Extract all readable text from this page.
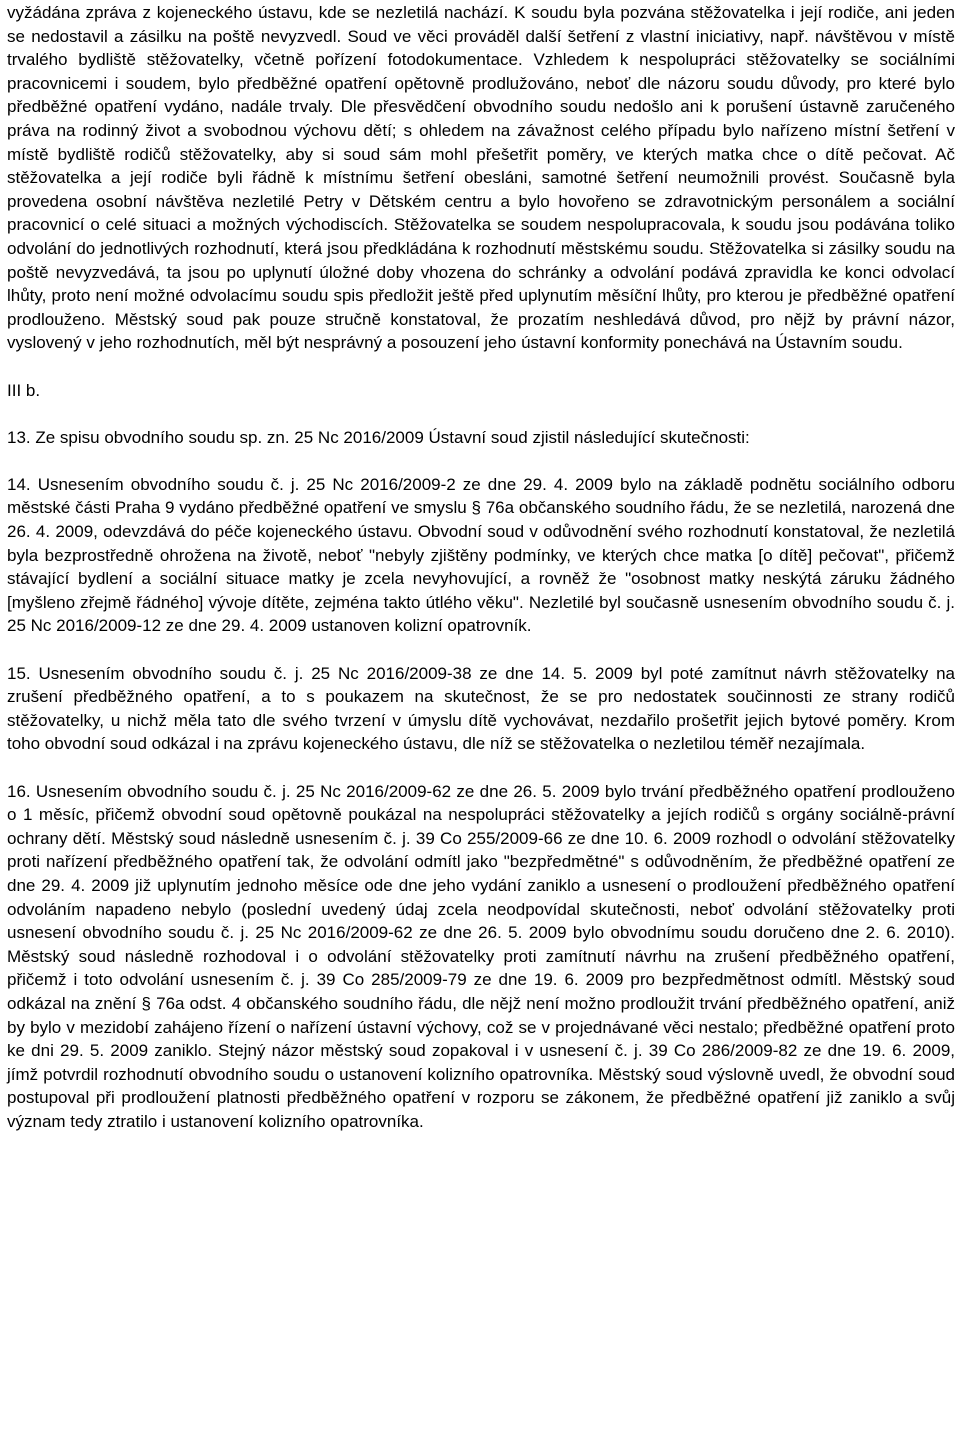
vyžádána zpráva z kojeneckého ústavu, kde se nezletilá nachází. K soudu byla pozvána stěžovatelka i její rodiče, ani jeden se nedostavil a zásilku na poště nevyzvedl. Soud ve věci prováděl další šetření z vlastní iniciativy, např. návštěvou v místě trvalého bydliště stěžovatelky, včetně pořízení fotodokumentace. Vzhledem k nespolupráci stěžovatelky se sociálními pracovnicemi i soudem, bylo předběžné opatření opětovně prodlužováno, neboť dle názoru soudu důvody, pro které bylo předběžné opatření vydáno, nadále trvaly. Dle přesvědčení obvodního soudu nedošlo ani k porušení ústavně zaručeného práva na rodinný život a svobodnou výchovu dětí; s ohledem na závažnost celého případu bylo nařízeno místní šetření v místě bydliště rodičů stěžovatelky, aby si soud sám mohl přešetřit poměry, ve kterých matka chce o dítě pečovat. Ač stěžovatelka a její rodiče byli řádně k místnímu šetření obesláni, samotné šetření neumožnili provést. Současně byla provedena osobní návštěva nezletilé Petry v Dětském centru a bylo hovořeno se zdravotnickým personálem a sociální pracovnicí o celé situaci a možných východiscích. Stěžovatelka se soudem nespolupracovala, k soudu jsou podávána toliko odvolání do jednotlivých rozhodnutí, která jsou předkládána k rozhodnutí městskému soudu. Stěžovatelka si zásilky soudu na poště nevyzvedává, ta jsou po uplynutí úložné doby vhozena do schránky a odvolání podává zpravidla ke konci odvolací lhůty, proto není možné odvolacímu soudu spis předložit ještě před uplynutím měsíční lhůty, pro kterou je předběžné opatření prodlouženo. Městský soud pak pouze stručně konstatoval, že prozatím neshledává důvod, pro nějž by právní názor, vyslovený v jeho rozhodnutích, měl být nesprávný a posouzení jeho ústavní konformity ponechává na Ústavním soudu.

III b.

13. Ze spisu obvodního soudu sp. zn. 25 Nc 2016/2009 Ústavní soud zjistil následující skutečnosti:

14. Usnesením obvodního soudu č. j. 25 Nc 2016/2009-2 ze dne 29. 4. 2009 bylo na základě podnětu sociálního odboru městské části Praha 9 vydáno předběžné opatření ve smyslu § 76a občanského soudního řádu, že se nezletilá, narozená dne 26. 4. 2009, odevzdává do péče kojeneckého ústavu. Obvodní soud v odůvodnění svého rozhodnutí konstatoval, že nezletilá byla bezprostředně ohrožena na životě, neboť "nebyly zjištěny podmínky, ve kterých chce matka [o dítě] pečovat", přičemž stávající bydlení a sociální situace matky je zcela nevyhovující, a rovněž že "osobnost matky neskýtá záruku žádného [myšleno zřejmě řádného] vývoje dítěte, zejména takto útlého věku". Nezletilé byl současně usnesením obvodního soudu č. j. 25 Nc 2016/2009-12 ze dne 29. 4. 2009 ustanoven kolizní opatrovník.

15. Usnesením obvodního soudu č. j. 25 Nc 2016/2009-38 ze dne 14. 5. 2009 byl poté zamítnut návrh stěžovatelky na zrušení předběžného opatření, a to s poukazem na skutečnost, že se pro nedostatek součinnosti ze strany rodičů stěžovatelky, u nichž měla tato dle svého tvrzení v úmyslu dítě vychovávat, nezdařilo prošetřit jejich bytové poměry. Krom toho obvodní soud odkázal i na zprávu kojeneckého ústavu, dle níž se stěžovatelka o nezletilou téměř nezajímala.

16. Usnesením obvodního soudu č. j. 25 Nc 2016/2009-62 ze dne 26. 5. 2009 bylo trvání předběžného opatření prodlouženo o 1 měsíc, přičemž obvodní soud opětovně poukázal na nespolupráci stěžovatelky a jejích rodičů s orgány sociálně-právní ochrany dětí. Městský soud následně usnesením č. j. 39 Co 255/2009-66 ze dne 10. 6. 2009 rozhodl o odvolání stěžovatelky proti nařízení předběžného opatření tak, že odvolání odmítl jako "bezpředmětné" s odůvodněním, že předběžné opatření ze dne 29. 4. 2009 již uplynutím jednoho měsíce ode dne jeho vydání zaniklo a usnesení o prodloužení předběžného opatření odvoláním napadeno nebylo (poslední uvedený údaj zcela neodpovídal skutečnosti, neboť odvolání stěžovatelky proti usnesení obvodního soudu č. j. 25 Nc 2016/2009-62 ze dne 26. 5. 2009 bylo obvodnímu soudu doručeno dne 2. 6. 2010). Městský soud následně rozhodoval i o odvolání stěžovatelky proti zamítnutí návrhu na zrušení předběžného opatření, přičemž i toto odvolání usnesením č. j. 39 Co 285/2009-79 ze dne 19. 6. 2009 pro bezpředmětnost odmítl. Městský soud odkázal na znění § 76a odst. 4 občanského soudního řádu, dle nějž není možno prodloužit trvání předběžného opatření, aniž by bylo v mezidobí zahájeno řízení o nařízení ústavní výchovy, což se v projednávané věci nestalo; předběžné opatření proto ke dni 29. 5. 2009 zaniklo. Stejný názor městský soud zopakoval i v usnesení č. j. 39 Co 286/2009-82 ze dne 19. 6. 2009, jímž potvrdil rozhodnutí obvodního soudu o ustanovení kolizního opatrovníka. Městský soud výslovně uvedl, že obvodní soud postupoval při prodloužení platnosti předběžného opatření v rozporu se zákonem, že předběžné opatření již zaniklo a svůj význam tedy ztratilo i ustanovení kolizního opatrovníka.
